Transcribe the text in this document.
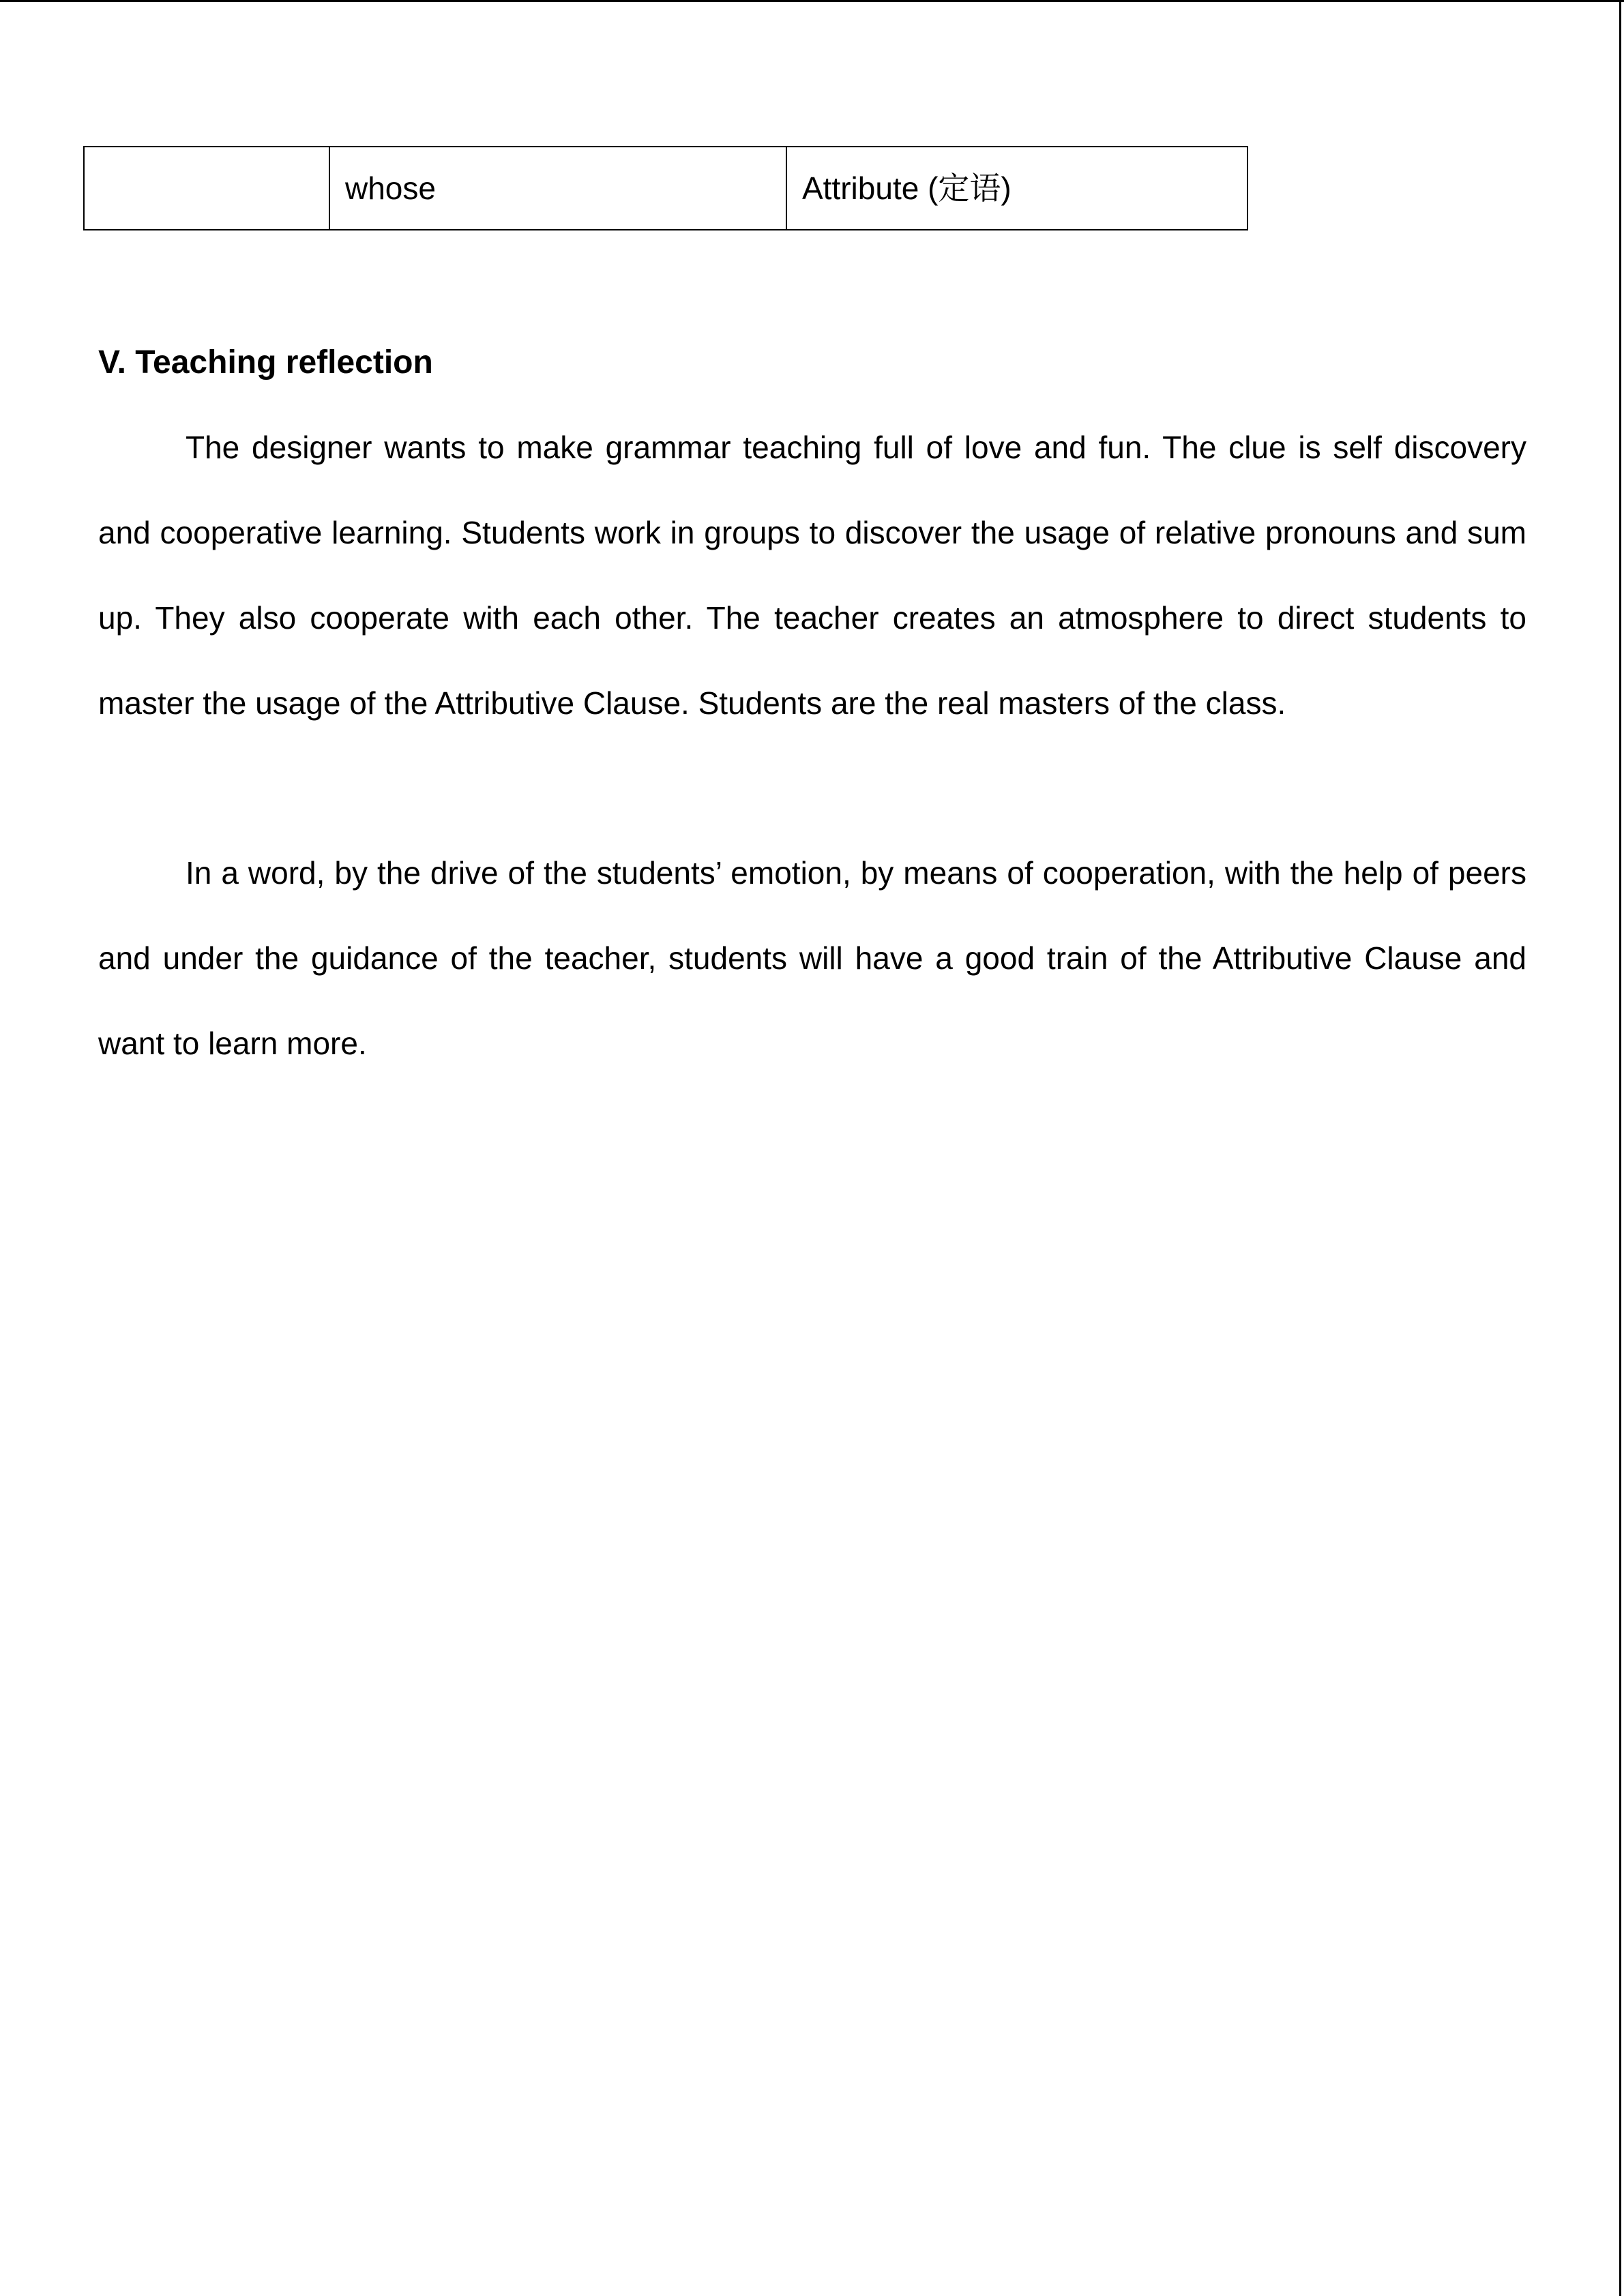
	whose	Attribute (定语)
V. Teaching reflection

The designer wants to make grammar teaching full of love and fun. The clue is self discovery and cooperative learning. Students work in groups to discover the usage of relative pronouns and sum up. They also cooperate with each other. The teacher creates an atmosphere to direct students to master the usage of the Attributive Clause. Students are the real masters of the class.

In a word, by the drive of the students’ emotion, by means of cooperation, with the help of peers and under the guidance of the teacher, students will have a good train of the Attributive Clause and want to learn more.
